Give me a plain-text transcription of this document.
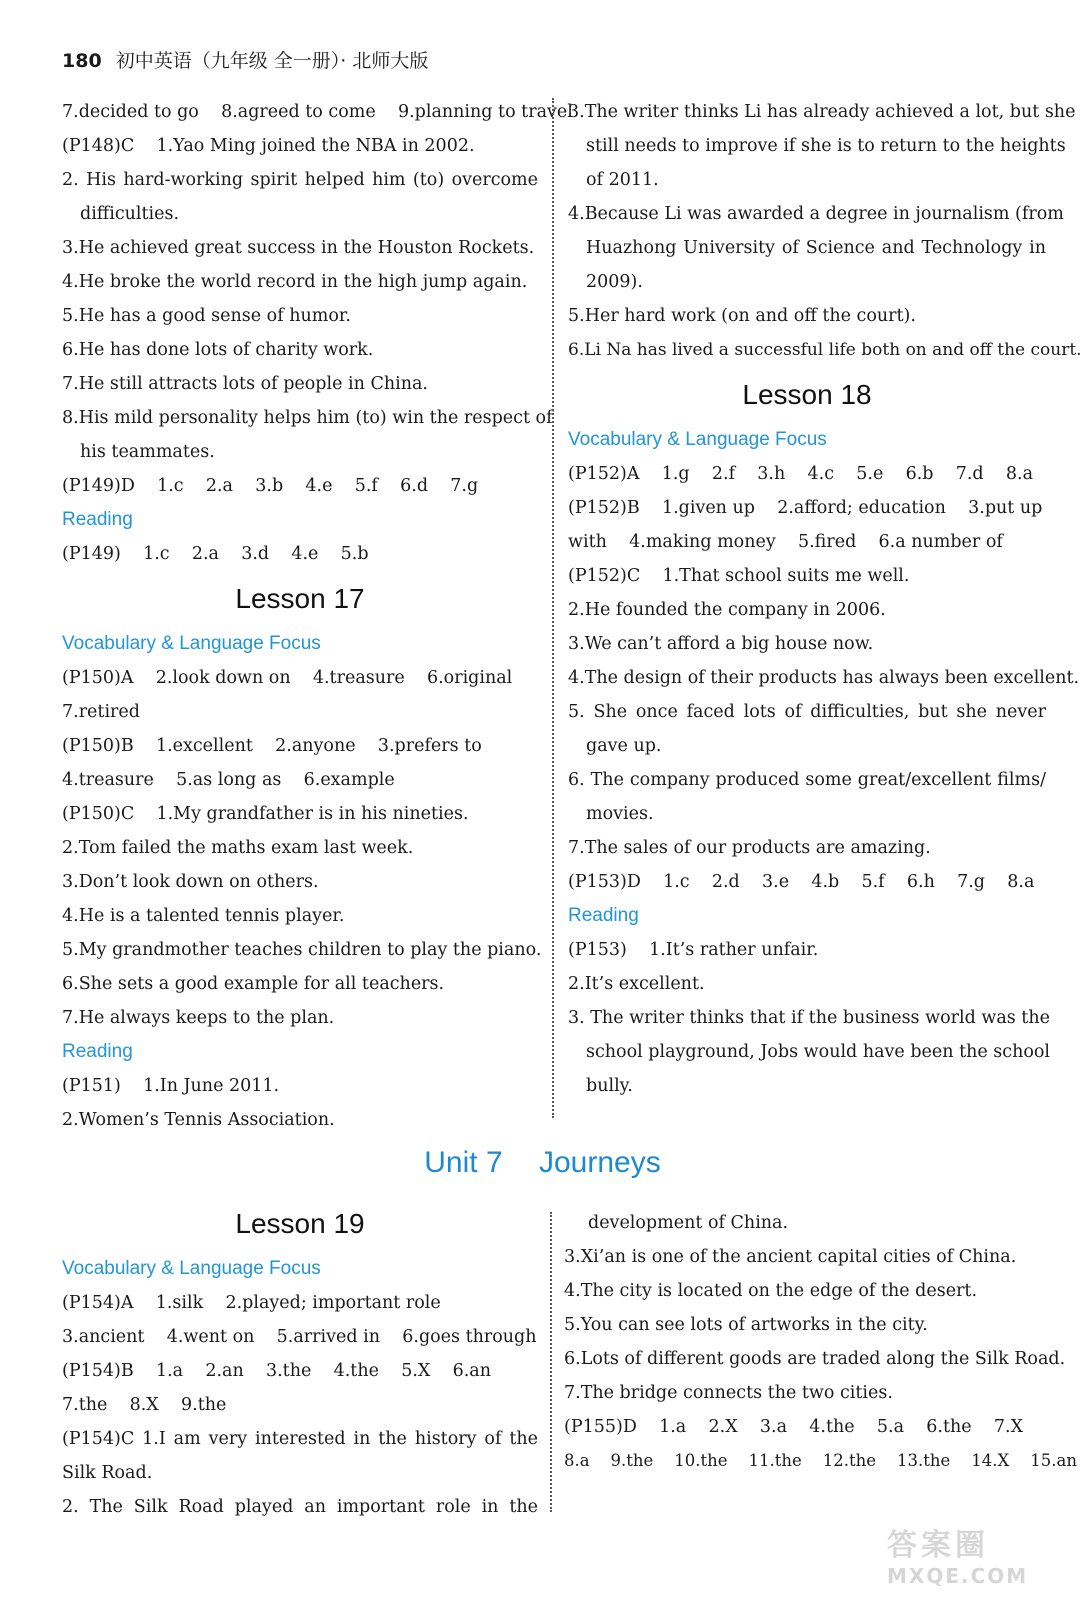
180 初中英语（九年级 全一册）· 北师大版
7.decided to go    8.agreed to come    9.planning to travel
(P148)C    1.Yao Ming joined the NBA in 2002.
2. His hard-working spirit helped him (to) overcome
difficulties.
3.He achieved great success in the Houston Rockets.
4.He broke the world record in the high jump again.
5.He has a good sense of humor.
6.He has done lots of charity work.
7.He still attracts lots of people in China.
8.His mild personality helps him (to) win the respect of
his teammates.
(P149)D    1.c    2.a    3.b    4.e    5.f    6.d    7.g
Reading
(P149)    1.c    2.a    3.d    4.e    5.b
Lesson 17
Vocabulary & Language Focus
(P150)A    2.look down on    4.treasure    6.original
7.retired
(P150)B    1.excellent    2.anyone    3.prefers to
4.treasure    5.as long as    6.example
(P150)C    1.My grandfather is in his nineties.
2.Tom failed the maths exam last week.
3.Don’t look down on others.
4.He is a talented tennis player.
5.My grandmother teaches children to play the piano.
6.She sets a good example for all teachers.
7.He always keeps to the plan.
Reading
(P151)    1.In June 2011.
2.Women’s Tennis Association.
3.The writer thinks Li has already achieved a lot, but she
still needs to improve if she is to return to the heights
of 2011.
4.Because Li was awarded a degree in journalism (from
Huazhong University of Science and Technology in
2009).
5.Her hard work (on and off the court).
6.Li Na has lived a successful life both on and off the court.
Lesson 18
Vocabulary & Language Focus
(P152)A    1.g    2.f    3.h    4.c    5.e    6.b    7.d    8.a
(P152)B    1.given up    2.afford; education    3.put up
with    4.making money    5.fired    6.a number of
(P152)C    1.That school suits me well.
2.He founded the company in 2006.
3.We can’t afford a big house now.
4.The design of their products has always been excellent.
5. She once faced lots of difficulties, but she never
gave up.
6. The company produced some great/excellent films/
movies.
7.The sales of our products are amazing.
(P153)D    1.c    2.d    3.e    4.b    5.f    6.h    7.g    8.a
Reading
(P153)    1.It’s rather unfair.
2.It’s excellent.
3. The writer thinks that if the business world was the
school playground, Jobs would have been the school
bully.
Unit 7 Journeys
Lesson 19
Vocabulary & Language Focus
(P154)A    1.silk    2.played; important role
3.ancient    4.went on    5.arrived in    6.goes through
(P154)B    1.a    2.an    3.the    4.the    5.X    6.an
7.the    8.X    9.the
(P154)C 1.I am very interested in the history of the
Silk Road.
2. The Silk Road played an important role in the
development of China.
3.Xi’an is one of the ancient capital cities of China.
4.The city is located on the edge of the desert.
5.You can see lots of artworks in the city.
6.Lots of different goods are traded along the Silk Road.
7.The bridge connects the two cities.
(P155)D    1.a    2.X    3.a    4.the    5.a    6.the    7.X
8.a    9.the    10.the    11.the    12.the    13.the    14.X    15.an
答案圈
MXQE.COM
